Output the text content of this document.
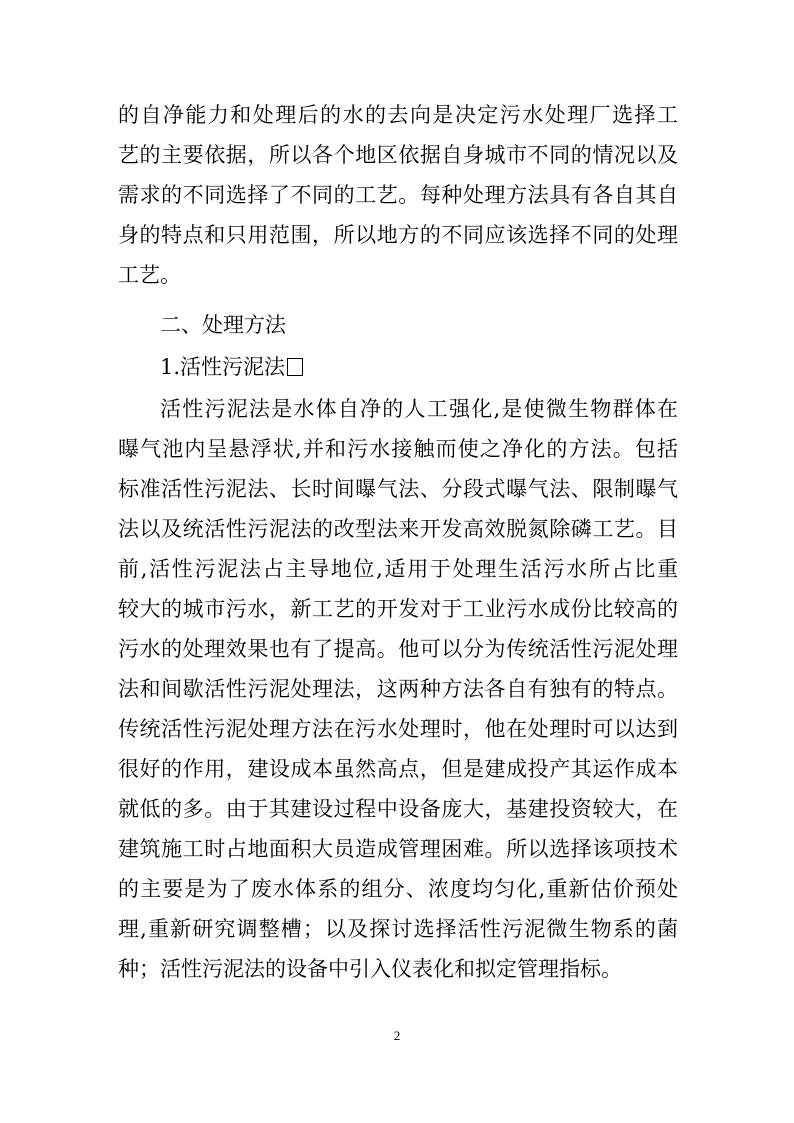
的自净能力和处理后的水的去向是决定污水处理厂选择工
艺的主要依据，所以各个地区依据自身城市不同的情况以及
需求的不同选择了不同的工艺。每种处理方法具有各自其自
身的特点和只用范围，所以地方的不同应该选择不同的处理
工艺。
二、处理方法
1.活性污泥法
活性污泥法是水体自净的人工强化,是使微生物群体在
曝气池内呈悬浮状,并和污水接触而使之净化的方法。包括
标准活性污泥法、长时间曝气法、分段式曝气法、限制曝气
法以及统活性污泥法的改型法来开发高效脱氮除磷工艺。目
前,活性污泥法占主导地位,适用于处理生活污水所占比重
较大的城市污水，新工艺的开发对于工业污水成份比较高的
污水的处理效果也有了提高。他可以分为传统活性污泥处理
法和间歇活性污泥处理法，这两种方法各自有独有的特点。
传统活性污泥处理方法在污水处理时，他在处理时可以达到
很好的作用，建设成本虽然高点，但是建成投产其运作成本
就低的多。由于其建设过程中设备庞大，基建投资较大，在
建筑施工时占地面积大员造成管理困难。所以选择该项技术
的主要是为了废水体系的组分、浓度均匀化,重新估价预处
理,重新研究调整槽；以及探讨选择活性污泥微生物系的菌
种；活性污泥法的设备中引入仪表化和拟定管理指标。
2
